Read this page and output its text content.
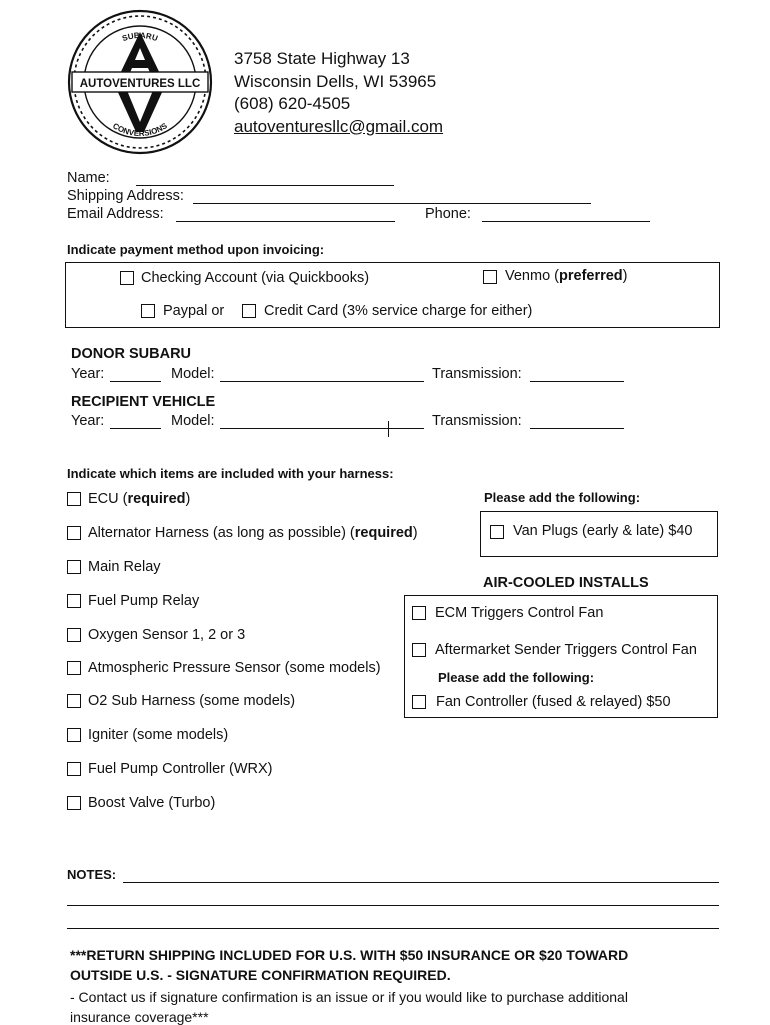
AUTOVENTURES LLC
SUBARU
CONVERSIONS
3758 State Highway 13
Wisconsin Dells, WI 53965
(608) 620-4505
autoventuresllc@gmail.com
Name:
Shipping Address:
Email Address:	Phone:
Indicate payment method upon invoicing:
Checking Account (via Quickbooks)	Venmo (preferred)
Paypal or	Credit Card (3% service charge for either)
DONOR SUBARU
Year:	Model:	Transmission:
RECIPIENT VEHICLE
Year:	Model:	Transmission:
Indicate which items are included with your harness:
ECU (required)
Alternator Harness (as long as possible) (required)
Main Relay
Fuel Pump Relay
Oxygen Sensor 1, 2 or 3
Atmospheric Pressure Sensor (some models)
O2 Sub Harness (some models)
Igniter (some models)
Fuel Pump Controller (WRX)
Boost Valve (Turbo)
Please add the following:
Van Plugs (early & late) $40
AIR-COOLED INSTALLS
ECM Triggers Control Fan
Aftermarket Sender Triggers Control Fan
Please add the following:
Fan Controller (fused & relayed) $50
NOTES:
***RETURN SHIPPING INCLUDED FOR U.S. WITH $50 INSURANCE OR $20 TOWARD
OUTSIDE U.S. - SIGNATURE CONFIRMATION REQUIRED.
- Contact us if signature confirmation is an issue or if you would like to purchase additional
insurance coverage***
